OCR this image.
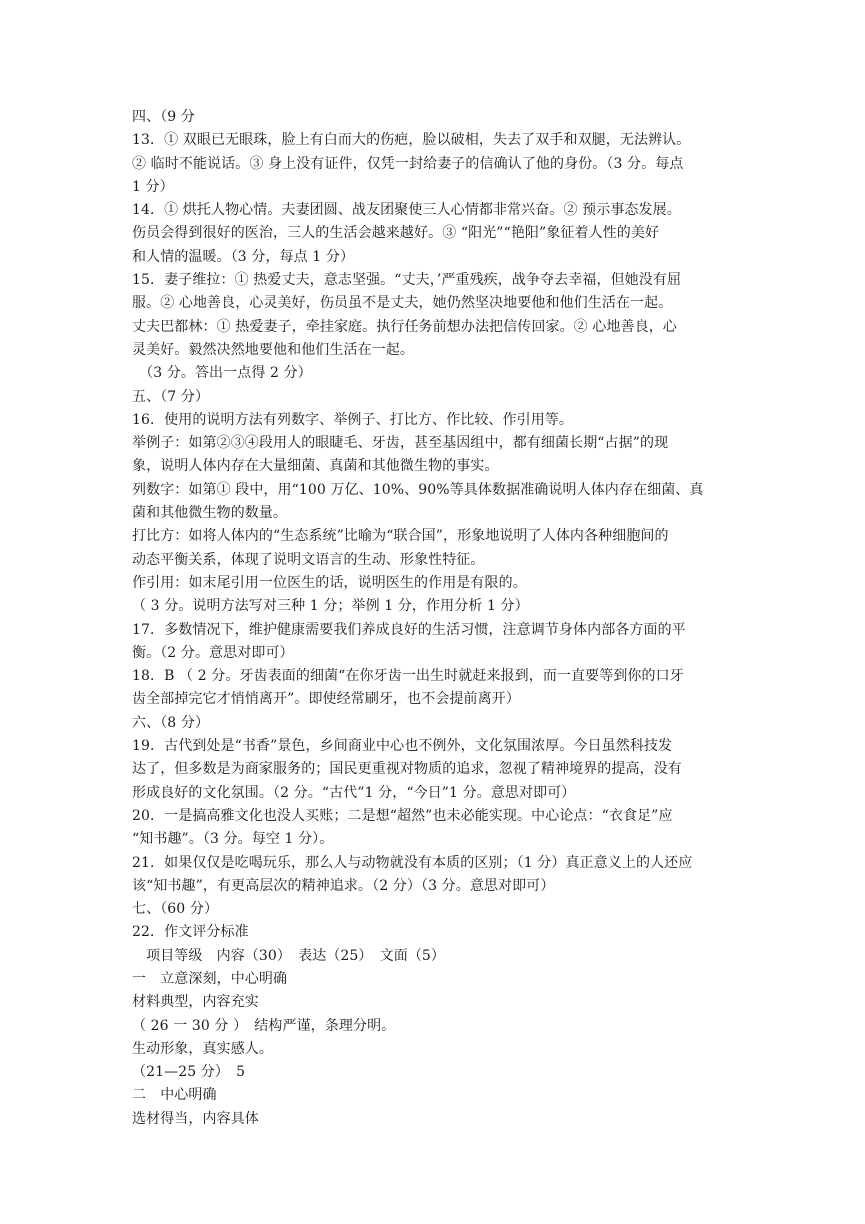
四、（9 分
13．① 双眼已无眼珠，脸上有白而大的伤疤，脸以破相，失去了双手和双腿，无法辨认。
② 临时不能说话。③ 身上没有证件，仅凭一封给妻子的信确认了他的身份。（3 分。每点
1 分）
14．① 烘托人物心情。夫妻团圆、战友团聚使三人心情都非常兴奋。② 预示事态发展。
伤员会得到很好的医治，三人的生活会越来越好。③ “阳光”“艳阳”象征着人性的美好
和人情的温暖。（3 分，每点 1 分）
15．妻子维拉：① 热爱丈夫，意志坚强。“丈夫，’严重残疾，战争夺去幸福，但她没有屈
服。② 心地善良，心灵美好，伤员虽不是丈夫，她仍然坚决地要他和他们生活在一起。
丈夫巴都林：① 热爱妻子，牵挂家庭。执行任务前想办法把信传回家。② 心地善良，心
灵美好。毅然决然地要他和他们生活在一起。
　（3 分。答出一点得 2 分）
五、（7 分）
16．使用的说明方法有列数字、举例子、打比方、作比较、作引用等。
举例子：如第②③④段用人的眼睫毛、牙齿，甚至基因组中，都有细菌长期“占据”的现
象，说明人体内存在大量细菌、真菌和其他微生物的事实。
列数字：如第① 段中，用“100 万亿、10%、90%等具体数据准确说明人体内存在细菌、真
菌和其他微生物的数量。
打比方：如将人体内的“生态系统”比喻为“联合国”，形象地说明了人体内各种细胞间的
动态平衡关系，体现了说明文语言的生动、形象性特征。
作引用：如末尾引用一位医生的话，说明医生的作用是有限的。
（ 3 分。说明方法写对三种 1 分；举例 1 分，作用分析 1 分）
17．多数情况下，维护健康需要我们养成良好的生活习惯，注意调节身体内部各方面的平
衡。（2 分。意思对即可）
18．B （ 2 分。牙齿表面的细菌“在你牙齿一出生时就赶来报到，而一直要等到你的口牙
齿全部掉完它才悄悄离开”。即使经常刷牙，也不会提前离开）
六、（8 分）
19．古代到处是“书香”景色，乡间商业中心也不例外，文化氛围浓厚。今日虽然科技发
达了，但多数是为商家服务的；国民更重视对物质的追求，忽视了精神境界的提高，没有
形成良好的文化氛围。（2 分。“古代”1 分，“今日”1 分。意思对即可）
20．一是搞高雅文化也没人买账；二是想“超然”也未必能实现。中心论点：“衣食足”应
“知书趣”。（3 分。每空 1 分）。
21．如果仅仅是吃喝玩乐，那么人与动物就没有本质的区别；（1 分）真正意义上的人还应
该“知书趣”，有更高层次的精神追求。（2 分）（3 分。意思对即可）
七、（60 分）
22．作文评分标准
　项目等级　内容（30）　表达（25）　文面（5）
一　立意深刻，中心明确
材料典型，内容充实
（ 26 一 30 分 ）　结构严谨，条理分明。
生动形象，真实感人。
（21—25 分）　5
二　中心明确
选材得当，内容具体
